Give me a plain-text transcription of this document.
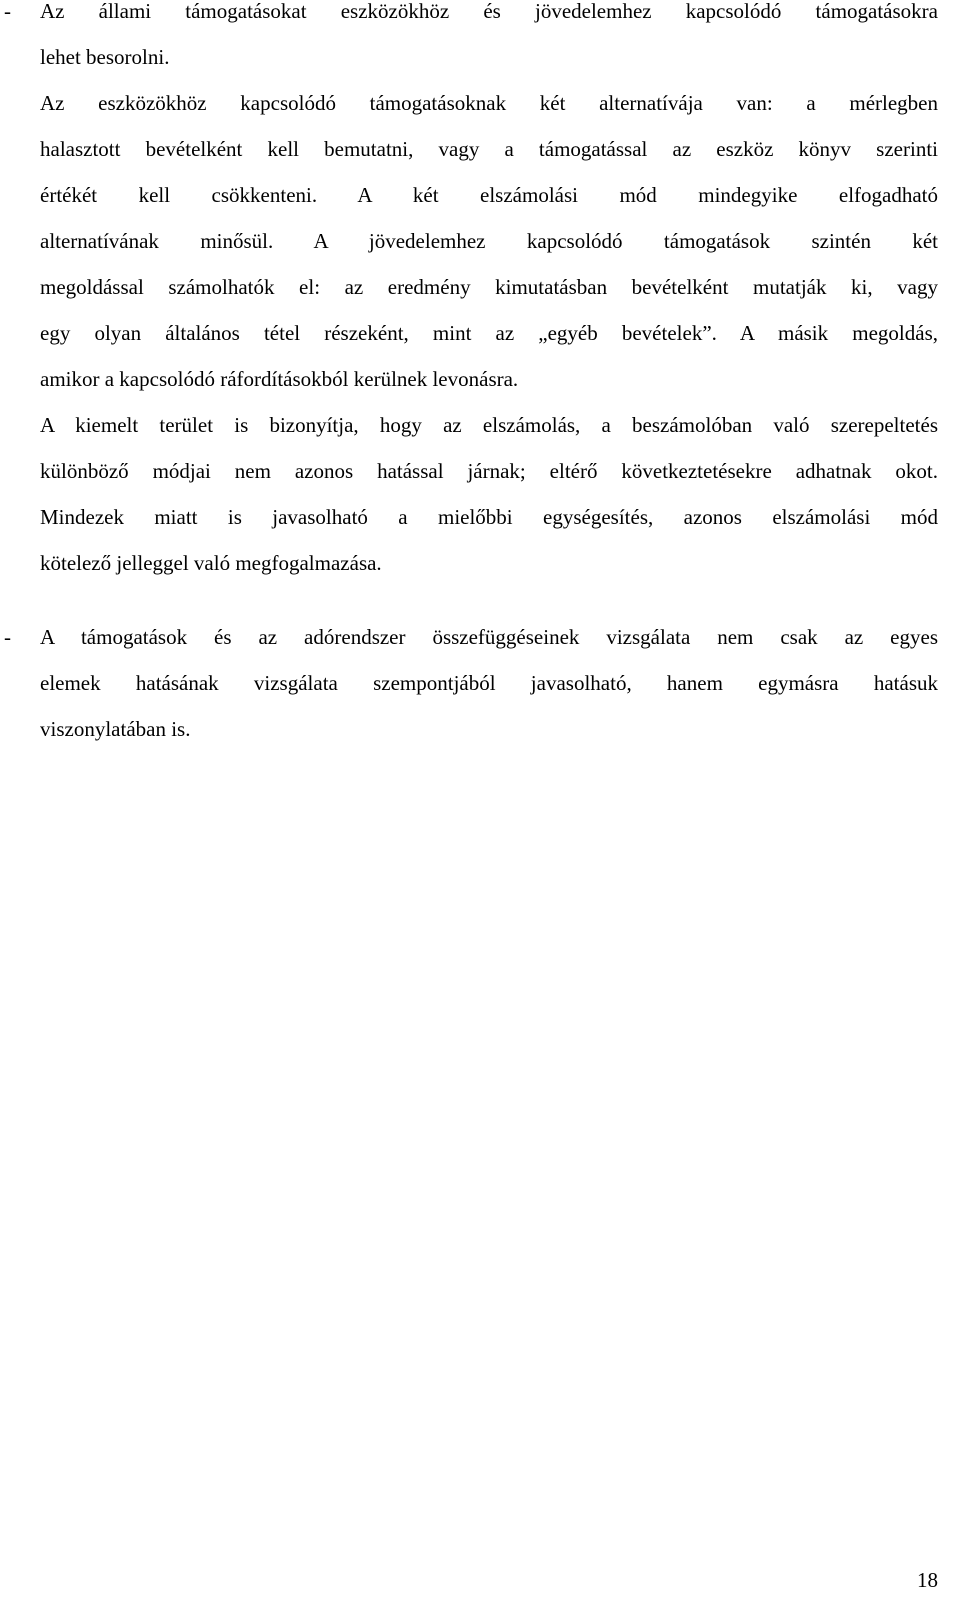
- Az állami támogatásokat eszközökhöz és jövedelemhez kapcsolódó támogatásokra
lehet besorolni.
Az eszközökhöz kapcsolódó támogatásoknak két alternatívája van: a mérlegben
halasztott bevételként kell bemutatni, vagy a támogatással az eszköz könyv szerinti
értékét kell csökkenteni. A két elszámolási mód mindegyike elfogadható
alternatívának minősül. A jövedelemhez kapcsolódó támogatások szintén két
megoldással számolhatók el: az eredmény kimutatásban bevételként mutatják ki, vagy
egy olyan általános tétel részeként, mint az „egyéb bevételek”. A másik megoldás,
amikor a kapcsolódó ráfordításokból kerülnek levonásra.
A kiemelt terület is bizonyítja, hogy az elszámolás, a beszámolóban való szerepeltetés
különböző módjai nem azonos hatással járnak; eltérő következtetésekre adhatnak okot.
Mindezek miatt is javasolható a mielőbbi egységesítés, azonos elszámolási mód
kötelező jelleggel való megfogalmazása.
- A támogatások és az adórendszer összefüggéseinek vizsgálata nem csak az egyes
elemek hatásának vizsgálata szempontjából javasolható, hanem egymásra hatásuk
viszonylatában is.
18
